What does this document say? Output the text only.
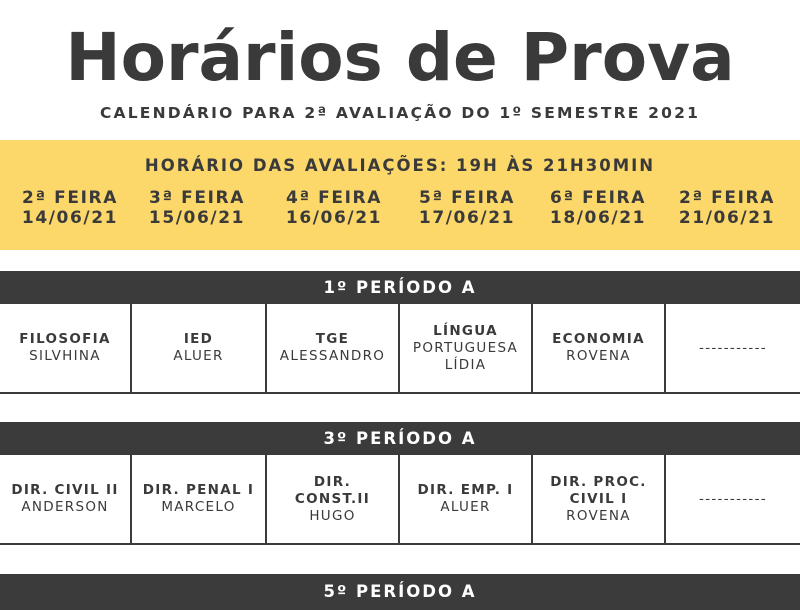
Horários de Prova
CALENDÁRIO PARA 2ª AVALIAÇÃO DO 1º SEMESTRE 2021
HORÁRIO DAS AVALIAÇÕES: 19H ÀS 21H30MIN
2ª FEIRA
14/06/21
3ª FEIRA
15/06/21
4ª FEIRA
16/06/21
5ª FEIRA
17/06/21
6ª FEIRA
18/06/21
2ª FEIRA
21/06/21
1º PERÍODO A
FILOSOFIA
SILVHINA
IED
ALUER
TGE
ALESSANDRO
LÍNGUA
PORTUGUESA
LÍDIA
ECONOMIA
ROVENA
-----------
3º PERÍODO A
DIR. CIVIL II
ANDERSON
DIR. PENAL I
MARCELO
DIR.
CONST.II
HUGO
DIR. EMP. I
ALUER
DIR. PROC.
CIVIL I
ROVENA
-----------
5º PERÍODO A
